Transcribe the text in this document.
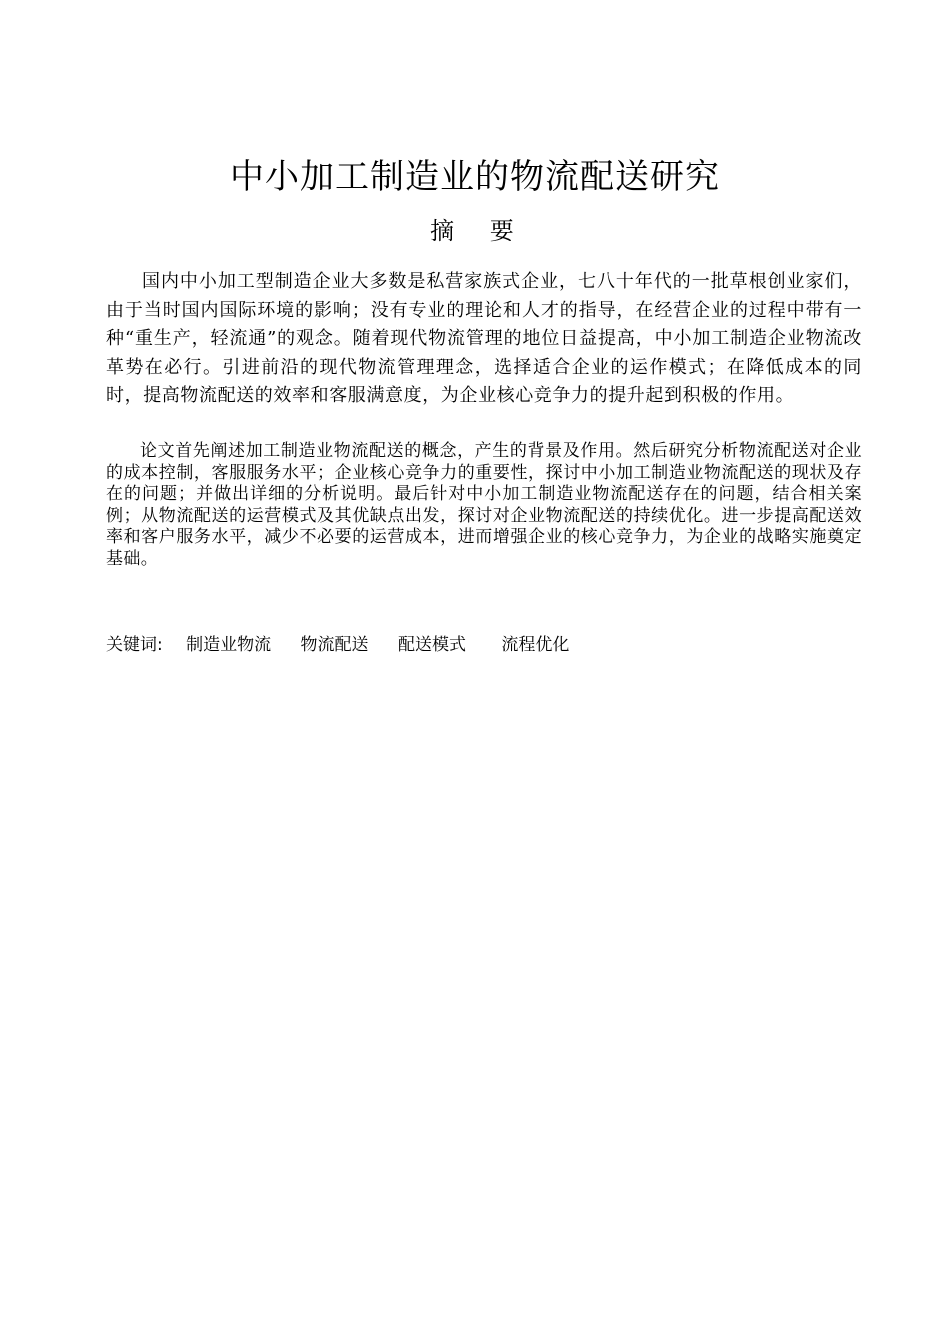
中小加工制造业的物流配送研究
摘 要

国内中小加工型制造企业大多数是私营家族式企业，七八十年代的一批草根创业家们，由于当时国内国际环境的影响；没有专业的理论和人才的指导，在经营企业的过程中带有一种“重生产，轻流通”的观念。随着现代物流管理的地位日益提高，中小加工制造企业物流改革势在必行。引进前沿的现代物流管理理念，选择适合企业的运作模式；在降低成本的同时，提高物流配送的效率和客服满意度，为企业核心竞争力的提升起到积极的作用。

论文首先阐述加工制造业物流配送的概念，产生的背景及作用。然后研究分析物流配送对企业的成本控制，客服服务水平；企业核心竞争力的重要性，探讨中小加工制造业物流配送的现状及存在的问题；并做出详细的分析说明。最后针对中小加工制造业物流配送存在的问题，结合相关案例；从物流配送的运营模式及其优缺点出发，探讨对企业物流配送的持续优化。进一步提高配送效率和客户服务水平，减少不必要的运营成本，进而增强企业的核心竞争力，为企业的战略实施奠定基础。

关键词: 制造业物流 物流配送 配送模式 流程优化
